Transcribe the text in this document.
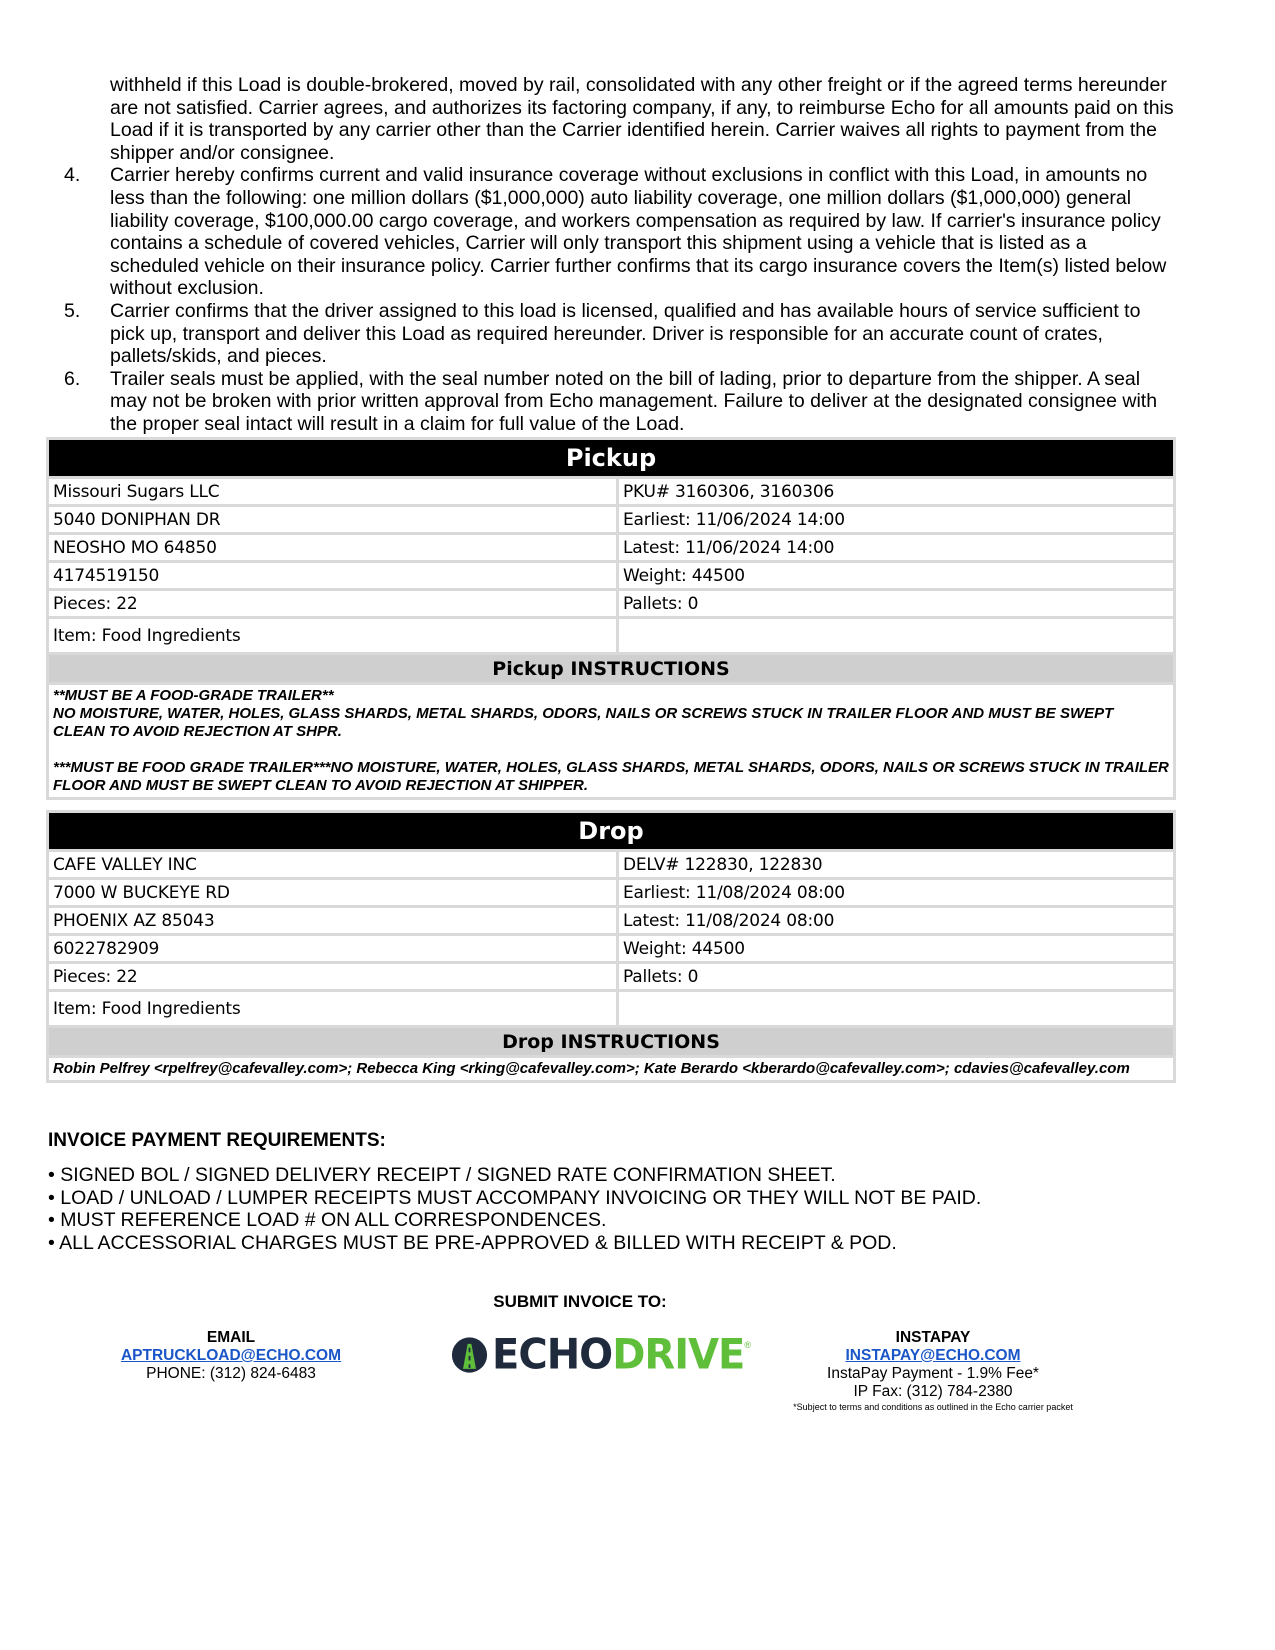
withheld if this Load is double-brokered, moved by rail, consolidated with any other freight or if the agreed terms hereunder are not satisfied. Carrier agrees, and authorizes its factoring company, if any, to reimburse Echo for all amounts paid on this Load if it is transported by any carrier other than the Carrier identified herein. Carrier waives all rights to payment from the shipper and/or consignee.
4.	Carrier hereby confirms current and valid insurance coverage without exclusions in conflict with this Load, in amounts no less than the following: one million dollars ($1,000,000) auto liability coverage, one million dollars ($1,000,000) general liability coverage, $100,000.00 cargo coverage, and workers compensation as required by law. If carrier's insurance policy contains a schedule of covered vehicles, Carrier will only transport this shipment using a vehicle that is listed as a scheduled vehicle on their insurance policy. Carrier further confirms that its cargo insurance covers the Item(s) listed below without exclusion.
5.	Carrier confirms that the driver assigned to this load is licensed, qualified and has available hours of service sufficient to pick up, transport and deliver this Load as required hereunder. Driver is responsible for an accurate count of crates, pallets/skids, and pieces.
6.	Trailer seals must be applied, with the seal number noted on the bill of lading, prior to departure from the shipper. A seal may not be broken with prior written approval from Echo management. Failure to deliver at the designated consignee with the proper seal intact will result in a claim for full value of the Load.
Pickup	
Missouri Sugars LLC	PKU# 3160306, 3160306
5040 DONIPHAN DR	Earliest: 11/06/2024 14:00
NEOSHO MO 64850	Latest: 11/06/2024 14:00
4174519150	Weight: 44500
Pieces: 22	Pallets: 0
Item: Food Ingredients	
Pickup INSTRUCTIONS	

**MUST BE A FOOD-GRADE TRAILER**
NO MOISTURE, WATER, HOLES, GLASS SHARDS, METAL SHARDS, ODORS, NAILS OR SCREWS STUCK IN TRAILER FLOOR AND MUST BE SWEPT CLEAN TO AVOID REJECTION AT SHPR.

***MUST BE FOOD GRADE TRAILER***NO MOISTURE, WATER, HOLES, GLASS SHARDS, METAL SHARDS, ODORS, NAILS OR SCREWS STUCK IN TRAILER FLOOR AND MUST BE SWEPT CLEAN TO AVOID REJECTION AT SHIPPER.	

Drop	
CAFE VALLEY INC	DELV# 122830, 122830
7000 W BUCKEYE RD	Earliest: 11/08/2024 08:00
PHOENIX AZ 85043	Latest: 11/08/2024 08:00
6022782909	Weight: 44500
Pieces: 22	Pallets: 0
Item: Food Ingredients	
Drop INSTRUCTIONS	

Robin Pelfrey <rpelfrey@cafevalley.com>; Rebecca King <rking@cafevalley.com>; Kate Berardo <kberardo@cafevalley.com>; cdavies@cafevalley.com	

INVOICE PAYMENT REQUIREMENTS:
• SIGNED BOL / SIGNED DELIVERY RECEIPT / SIGNED RATE CONFIRMATION SHEET.
• LOAD / UNLOAD / LUMPER RECEIPTS MUST ACCOMPANY INVOICING OR THEY WILL NOT BE PAID.
• MUST REFERENCE LOAD # ON ALL CORRESPONDENCES.
• ALL ACCESSORIAL CHARGES MUST BE PRE-APPROVED & BILLED WITH RECEIPT & POD.
SUBMIT INVOICE TO:
EMAIL
APTRUCKLOAD@ECHO.COM
PHONE: (312) 824-6483	ECHODRIVE ®	INSTAPAY
INSTAPAY@ECHO.COM
InstaPay Payment - 1.9% Fee*
IP Fax: (312) 784-2380
*Subject to terms and conditions as outlined in the Echo carrier packet
